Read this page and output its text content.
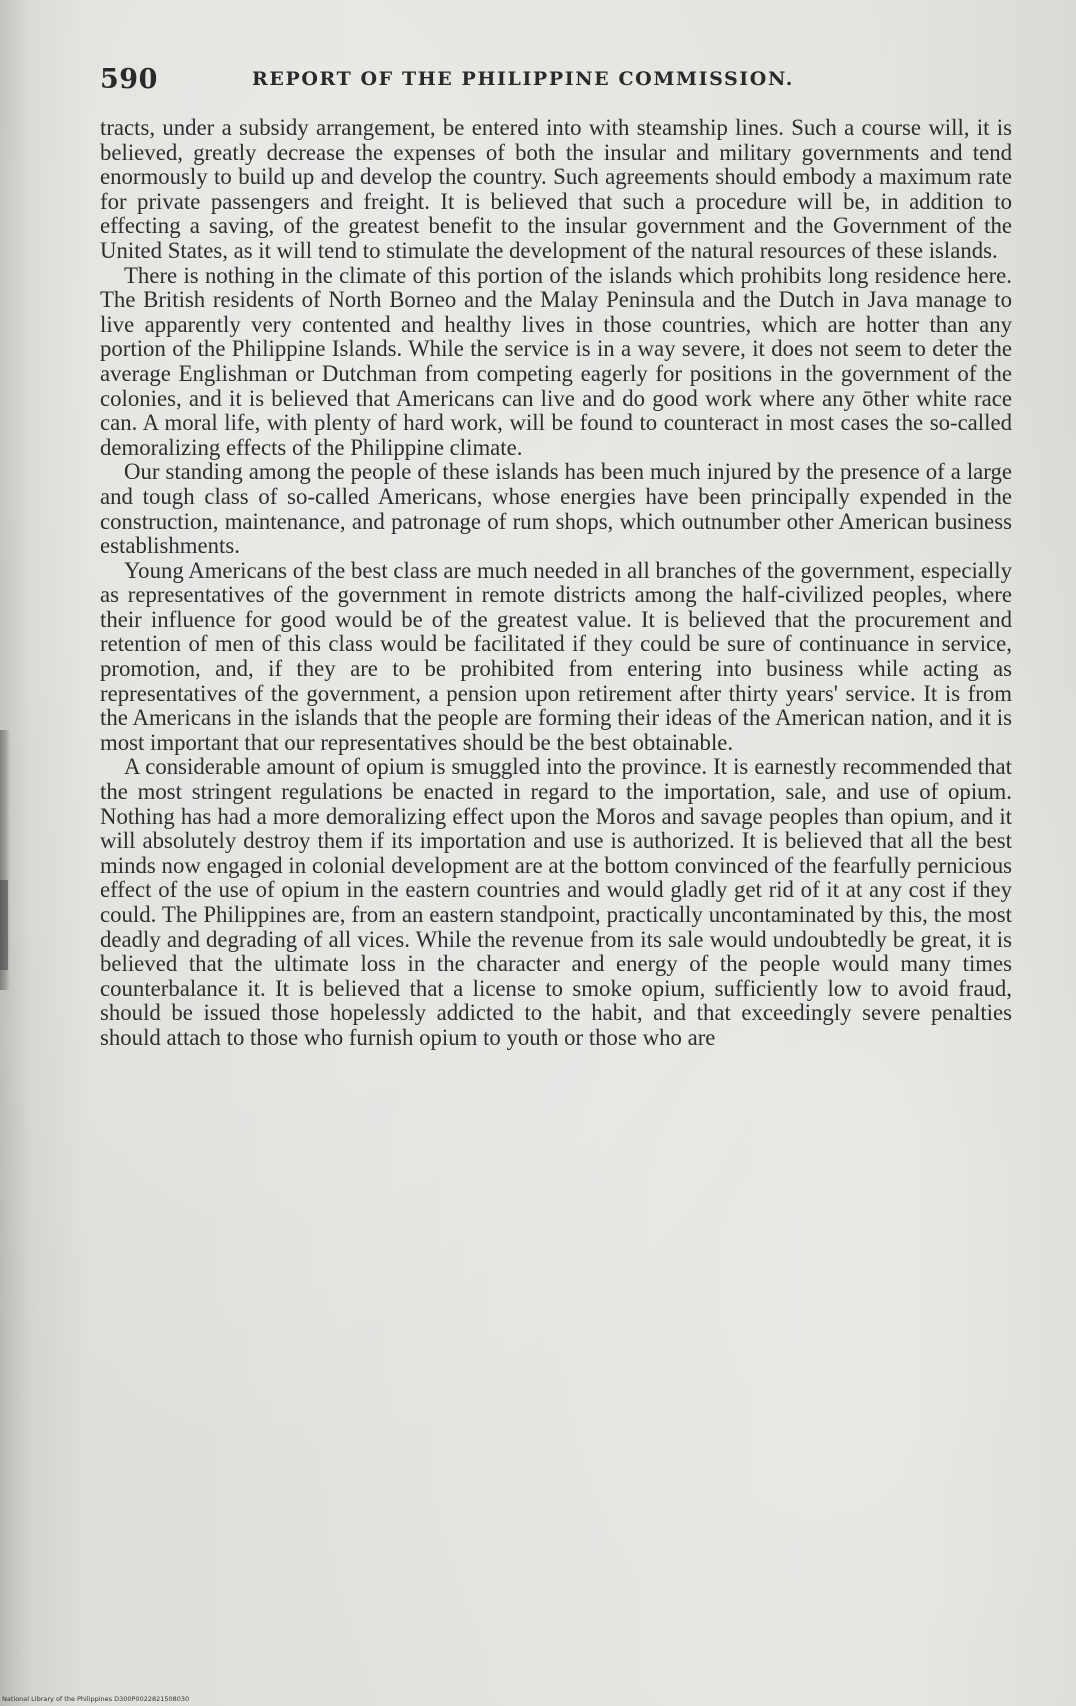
590	REPORT OF THE PHILIPPINE COMMISSION.

tracts, under a subsidy arrangement, be entered into with steamship lines. Such a course will, it is believed, greatly decrease the expenses of both the insular and military governments and tend enormously to build up and develop the country. Such agreements should embody a maximum rate for private passengers and freight. It is believed that such a procedure will be, in addition to effecting a saving, of the greatest benefit to the insular government and the Government of the United States, as it will tend to stimulate the development of the natural resources of these islands.

There is nothing in the climate of this portion of the islands which prohibits long residence here. The British residents of North Borneo and the Malay Peninsula and the Dutch in Java manage to live apparently very contented and healthy lives in those countries, which are hotter than any portion of the Philippine Islands. While the service is in a way severe, it does not seem to deter the average Englishman or Dutchman from competing eagerly for positions in the government of the colonies, and it is believed that Americans can live and do good work where any ōther white race can. A moral life, with plenty of hard work, will be found to counteract in most cases the so-called demoralizing effects of the Philippine climate.

Our standing among the people of these islands has been much injured by the presence of a large and tough class of so-called Americans, whose energies have been principally expended in the construction, maintenance, and patronage of rum shops, which outnumber other American business establishments.

Young Americans of the best class are much needed in all branches of the government, especially as representatives of the government in remote districts among the half-civilized peoples, where their influence for good would be of the greatest value. It is believed that the procurement and retention of men of this class would be facilitated if they could be sure of continuance in service, promotion, and, if they are to be prohibited from entering into business while acting as representatives of the government, a pension upon retirement after thirty years' service. It is from the Americans in the islands that the people are forming their ideas of the American nation, and it is most important that our representatives should be the best obtainable.

A considerable amount of opium is smuggled into the province. It is earnestly recommended that the most stringent regulations be enacted in regard to the importation, sale, and use of opium. Nothing has had a more demoralizing effect upon the Moros and savage peoples than opium, and it will absolutely destroy them if its importation and use is authorized. It is believed that all the best minds now engaged in colonial development are at the bottom convinced of the fearfully pernicious effect of the use of opium in the eastern countries and would gladly get rid of it at any cost if they could. The Philippines are, from an eastern standpoint, practically uncontaminated by this, the most deadly and degrading of all vices. While the revenue from its sale would undoubtedly be great, it is believed that the ultimate loss in the character and energy of the people would many times counterbalance it. It is believed that a license to smoke opium, sufficiently low to avoid fraud, should be issued those hopelessly addicted to the habit, and that exceedingly severe penalties should attach to those who furnish opium to youth or those who are

National Library of the Philippines D300P0022821508030
